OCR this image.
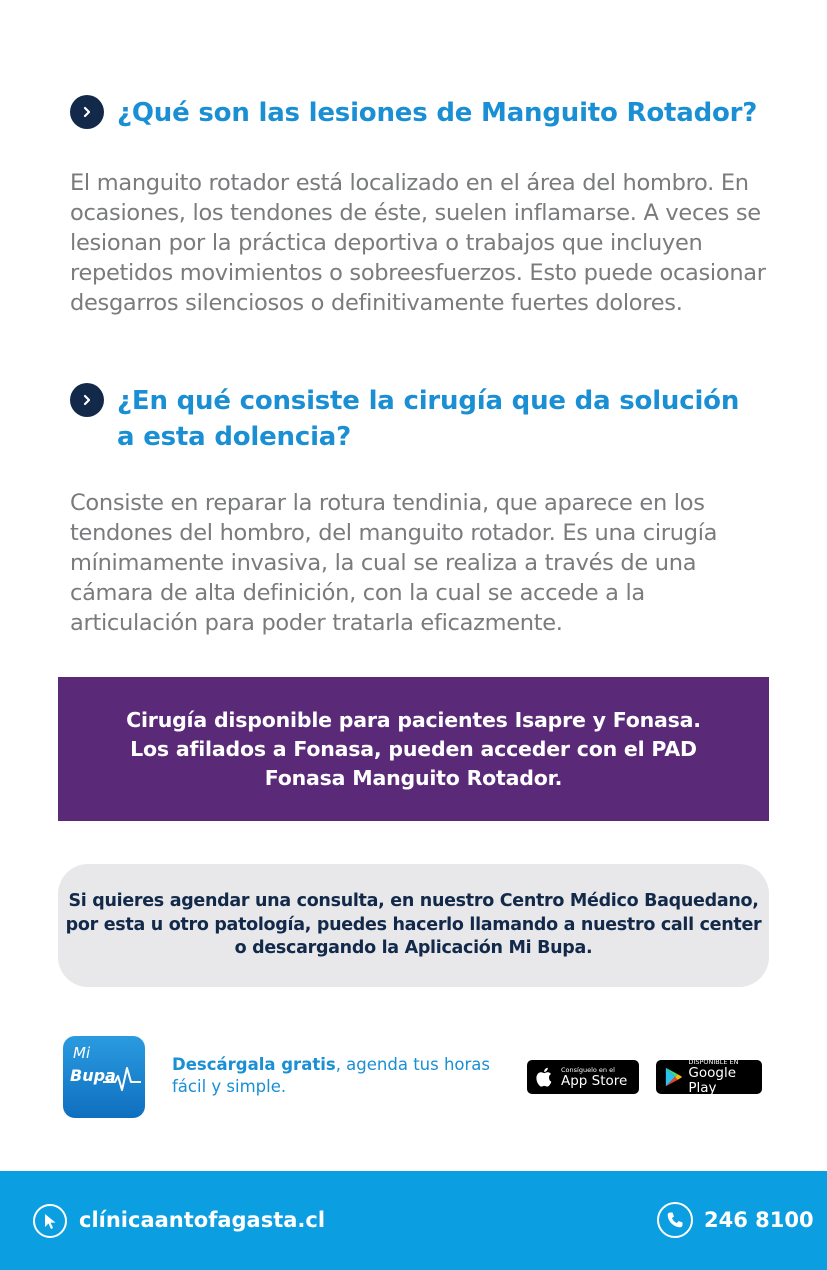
¿Qué son las lesiones de Manguito Rotador?

El manguito rotador está localizado en el área del hombro. En ocasiones, los tendones de éste, suelen inflamarse. A veces se lesionan por la práctica deportiva o trabajos que incluyen repetidos movimientos o sobreesfuerzos. Esto puede ocasionar desgarros silenciosos o definitivamente fuertes dolores.

¿En qué consiste la cirugía que da solución
a esta dolencia?

Consiste en reparar la rotura tendinia, que aparece en los tendones del hombro, del manguito rotador. Es una cirugía mínimamente invasiva, la cual se realiza a través de una cámara de alta definición, con la cual se accede a la articulación para poder tratarla eficazmente.

Cirugía disponible para pacientes Isapre y Fonasa.
Los afilados a Fonasa, pueden acceder con el PAD
Fonasa Manguito Rotador.

Si quieres agendar una consulta, en nuestro Centro Médico Baquedano,
por esta u otro patología, puedes hacerlo llamando a nuestro call center
o descargando la Aplicación Mi Bupa.

Mi
Bupa

Descárgala gratis, agenda tus horas
fácil y simple.

Consíguelo en el
App Store
DISPONIBLE EN
Google Play
clínicaantofagasta.cl	246 8100
